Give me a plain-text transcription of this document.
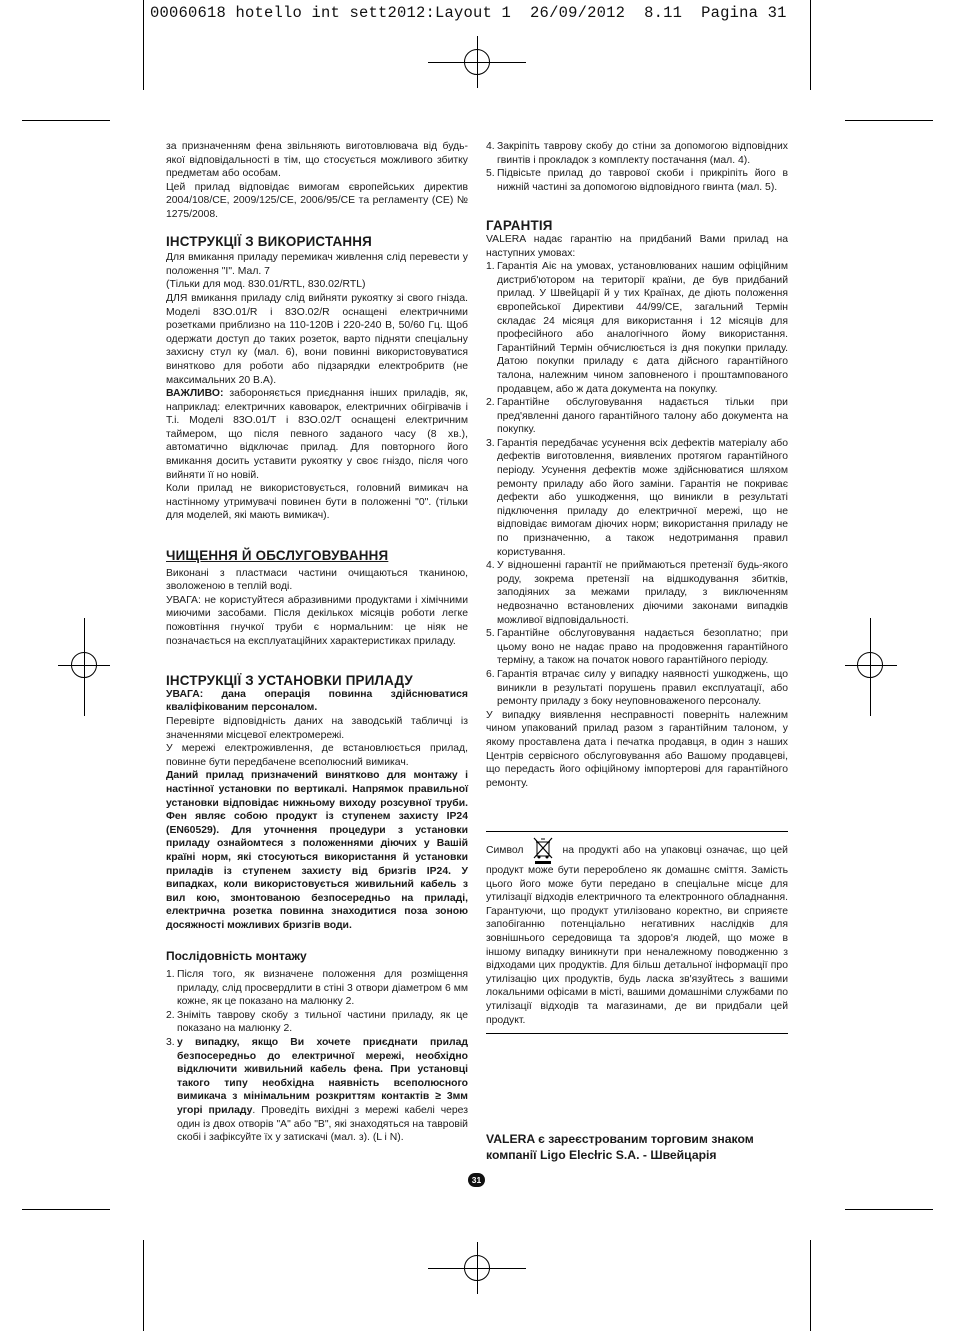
00060618 hotello int sett2012:Layout 1  26/09/2012  8.11  Pagina 31

за призначенням фена звільняють виготовлювача від будь-якої відповідальності в тім, що стосується можливого збитку предметам або особам.

Цей прилад відповідає вимогам європейських директив 2004/108/CE, 2009/125/CE, 2006/95/CE та регламенту (CE) № 1275/2008.

ІНСТРУКЦІЇ З ВИКОРИСТАННЯ

Для вмикання приладу перемикач живлення слід перевести у положення "I". Мал. 7

(Тільки для мод. 830.01/RTL, 830.02/RTL)

ДЛЯ вмикання приладу слід вийняти рукоятку зі свого гнізда. Моделі 83О.01/R і 83О.02/R оснащені електричними розетками приблизно на 110-120В і 220-240 В, 50/60 Гц. Щоб одержати доступ до таких розеток, варто підняти спеціальну захисну стул ку (мал. 6), вони повинні використовуватися винятково для роботи або підзарядки електробритв (не максимальних 20 В.А).

ВАЖЛИВО: забороняється приєднання інших приладів, як, наприклад: електричних кавоварок, електричних обігрівачів і Т.і. Моделі 83О.01/T і 83О.02/T оснащені електричним таймером, що після певного заданого часу (8 хв.), автоматично відключає прилад. Для повторного його вмикання досить уставити рукоятку у своє гніздо, після чого вийняти її но новій.

Коли прилад не використовується, головний вимикач на настінному утримувачі повинен бути в положенні "0". (тільки для моделей, які мають вимикач).

ЧИЩЕННЯ Й ОБСЛУГОВУВАННЯ

Виконані з пластмаси частини очищаються тканиною, зволоженою в теплій воді.

УВАГА: не користуйтеся абразивними продуктами і хімічними миючими засобами. Після декількох місяців роботи легке пожовтіння гнучкої труби є нормальним: це ніяк не позначається на експлуатаційних характеристиках приладу.

ІНСТРУКЦІЇ З УСТАНОВКИ ПРИЛАДУ

УВАГА: дана операція повинна здійснюватися кваліфікованим персоналом.

Перевірте відповідність даних на заводській табличці із значеннями місцевої електромережі.

У мережі електроживлення, де встановлюється прилад, повинне бути передбачене всеполюсний вимикач.

Даний прилад призначений винятково для монтажу і настінної установки по вертикалі. Напрямок правильної установки відповідає нижньому виходу розсувної труби. Фен являє собою продукт із ступенем захисту IP24 (EN60529). Для уточнення процедури з установки приладу ознайомтеся з положеннями діючих у Вашій країні норм, які стосуються використання й установки приладів із ступенем захисту від бризгів IP24. У випадках, коли використовується живильний кабель з вил кою, змонтованою безпосередньо на приладі, електрична розетка повинна знаходитися поза зоною досяжності можливих бризгів води.

Послідовність монтажу
1. Після того, як визначене положення для розміщення приладу, слід просвердлити в стіні 3 отвори діаметром 6 мм кожне, як це показано на малюнку 2.
2. Зніміть тавровy скобу з тильної частини приладу, як це показано на малюнку 2.
3. у випадку, якщо Ви хочете приєднати прилад безпосередньо до електричної мережі, необхідно відключити живильний кабель фена. При установці такого типу необхідна наявність всеполюсного вимикача з мінімальним розкриттям контактів ≥ 3мм угорі приладу. Проведіть вихідні з мережі кабелі через один із двох отворів "A" або "B", які знаходяться на тавровій скобі і зафіксуйте їх у затискачі (мал. з). (L і N).
31
4. Закріпіть тавровy скобу до стіни за допомогою відповідних гвинтів і прокладок з комплекту постачання (мал. 4).
5. Підвісьте прилад до таврової скоби і прикріпіть його в нижній частині за допомогою відповідного гвинта (мал. 5).
ГАРАНТІЯ

VALERA надає гарантію на придбаний Вами прилад на наступних умовах:

1. Гарантія Аіє на умовах, установлюваних нашим офіційним дистриб'ютором на території країни, де був придбаний прилад. У Швейцарії й у тих Країнах, де діють положення європейської Директиви 44/99/CE, загальний Термін складає 24 місяця для використання і 12 місяців для професійного або аналогічного йому використання. Гарантійний Термін обчислюється із дня покупки приладу. Датою покупки приладу є дата дійсного гарантійного талона, належним чином заповненого і проштампованого продавцем, або ж дата документа на покупку.
2. Гарантійне обслуговування надається тільки при пред'явленні даного гарантійного талону або документа на покупку.
3. Гарантія передбачає усунення всіх дефектів матеріалу або дефектів виготовлення, виявлених протягом гарантійного періоду. Усунення дефектів може здійснюватися шляхом ремонту приладу або його заміни. Гарантія не покриває дефекти або ушкодження, що виникли в результаті підключення приладу до електричної мережі, що не відповідає вимогам діючих норм; використання приладу не по призначенню, а також недотримання правил користування.
4. У відношенні гарантії не приймаються претензії будь-якого роду, зокрема претензії на відшкодування збитків, заподіяних за межами приладу, з виключенням недвозначно встановлених діючими законами випадків можливої відповідальності.
5. Гарантійне обслуговування надається безоплатно; при цьому воно не надає право на продовження гарантійного терміну, а також на початок нового гарантійного періоду.
6. Гарантія втрачає силу у випадку наявності ушкоджень, що виникли в результаті порушень правил експлуатації, або ремонту приладу з боку неуповноваженого персоналу.

У випадку виявлення несправності поверніть належним чином упакований прилад разом з гарантійним талоном, у якому проставлена дата і печатка продавця, в один з наших Центрів сервісного обслуговування або Вашому продавцеві, що передасть його офіційному імпортерові для гарантійного ремонту.

Символ	на продукті або на упаковці означає, що цей продукт може бути перероблено як домашнє сміття. Замість цього його може бути передано в спеціальне місце для утилізації відходів електричного та електронного обладнання. Гарантуючи, що продукт утилізовано коректно, ви сприяєте запобіганню потенціально негативних наслідків для зовнішнього середовища та здоров'я людей, що може в іншому випадку виникнути при неналежному поводженню з відходами цих продуктів. Для більш детальної інформації про утилізацію цих продуктів, будь ласка зв'язуйтесь з вашими локальними офісами в місті, вашими домашніми службами по утилізації відходів та магазинами, де ви придбали цей продукт.

VALERA є зареєстрованим торговим знаком компанії Ligo Elecłric S.A. - Швейцарія
